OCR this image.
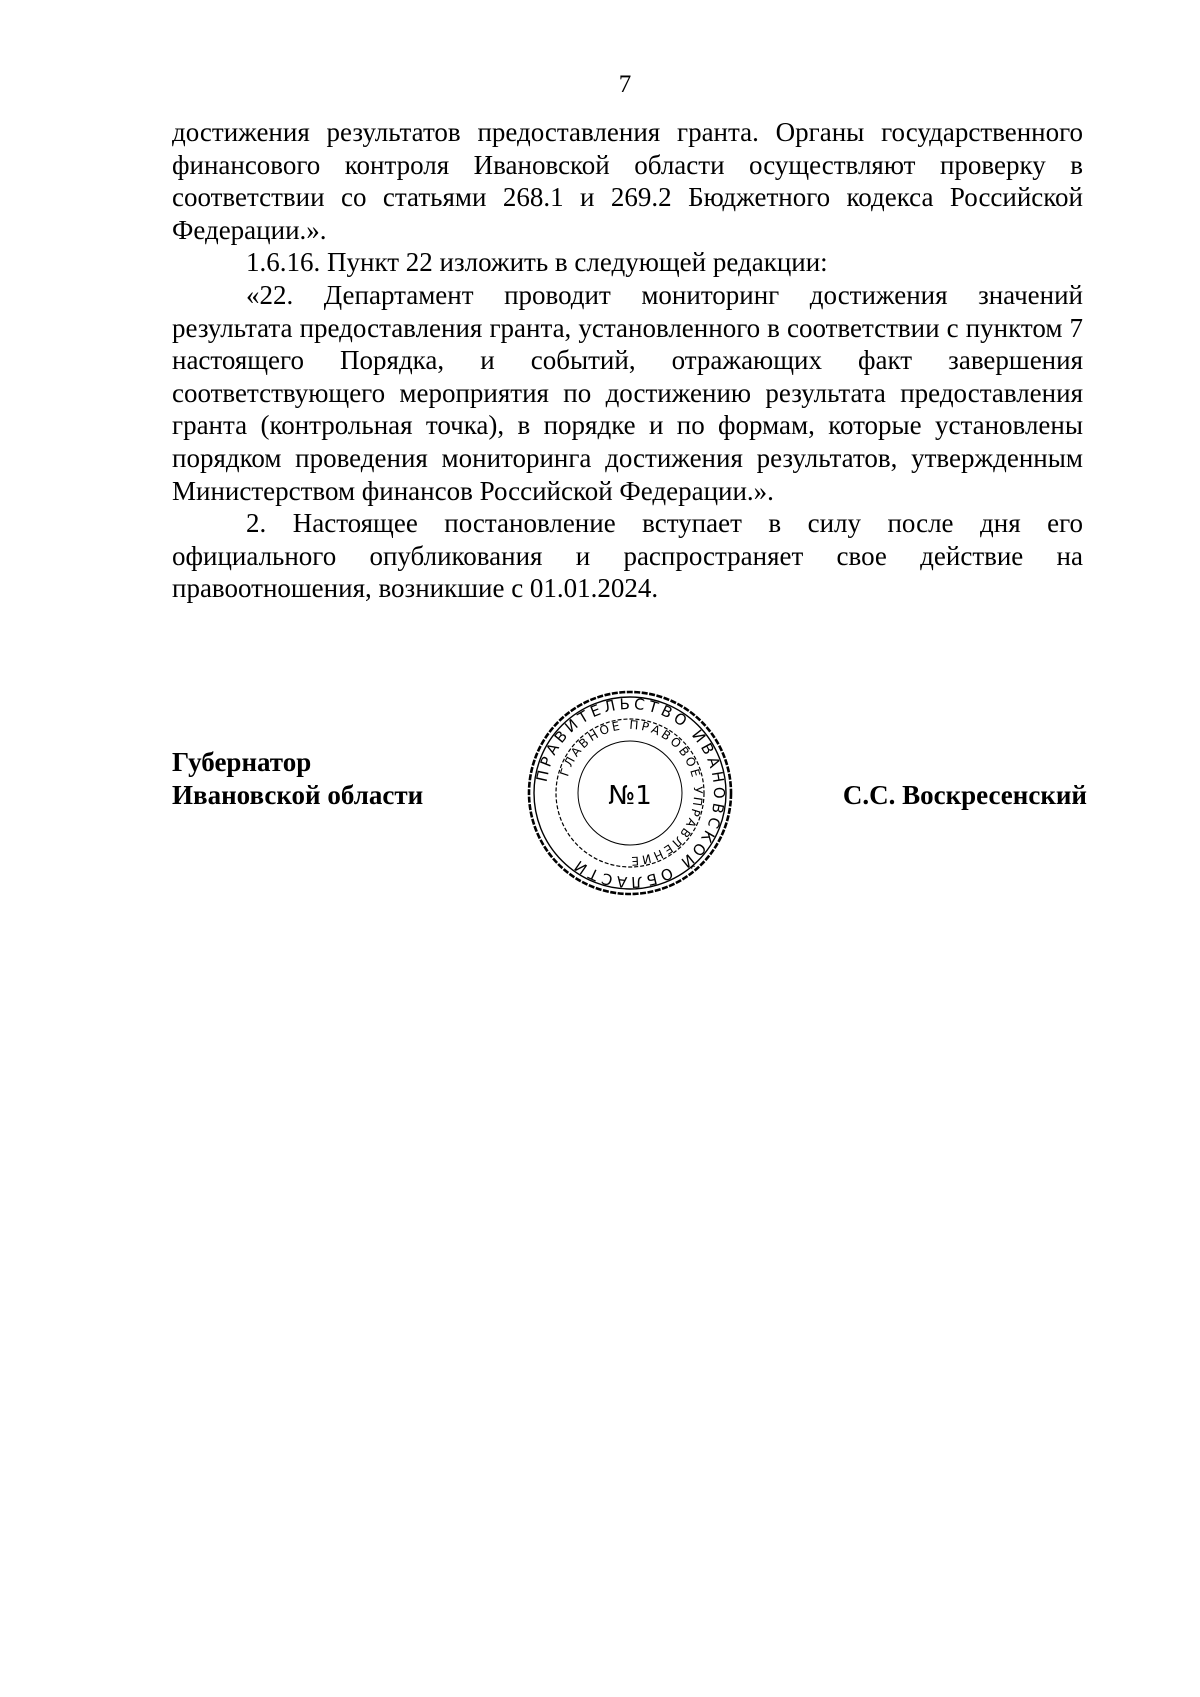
7

достижения результатов предоставления гранта. Органы государственного финансового контроля Ивановской области осуществляют проверку в соответствии со статьями 268.1 и 269.2 Бюджетного кодекса Российской Федерации.».

1.6.16. Пункт 22 изложить в следующей редакции:

«22. Департамент проводит мониторинг достижения значений результата предоставления гранта, установленного в соответствии с пунктом 7 настоящего Порядка, и событий, отражающих факт завершения соответствующего мероприятия по достижению результата предоставления гранта (контрольная точка), в порядке и по формам, которые установлены порядком проведения мониторинга достижения результатов, утвержденным Министерством финансов Российской Федерации.».

2. Настоящее постановление вступает в силу после дня его официального опубликования и распространяет свое действие на правоотношения, возникшие с 01.01.2024.

Губернатор
Ивановской области	С.С. Воскресенский
ПРАВИТЕЛЬСТВО ИВАНОВСКОЙ ОБЛАСТИ
ГЛАВНОЕ ПРАВОВОЕ УПРАВЛЕНИЕ
№1
